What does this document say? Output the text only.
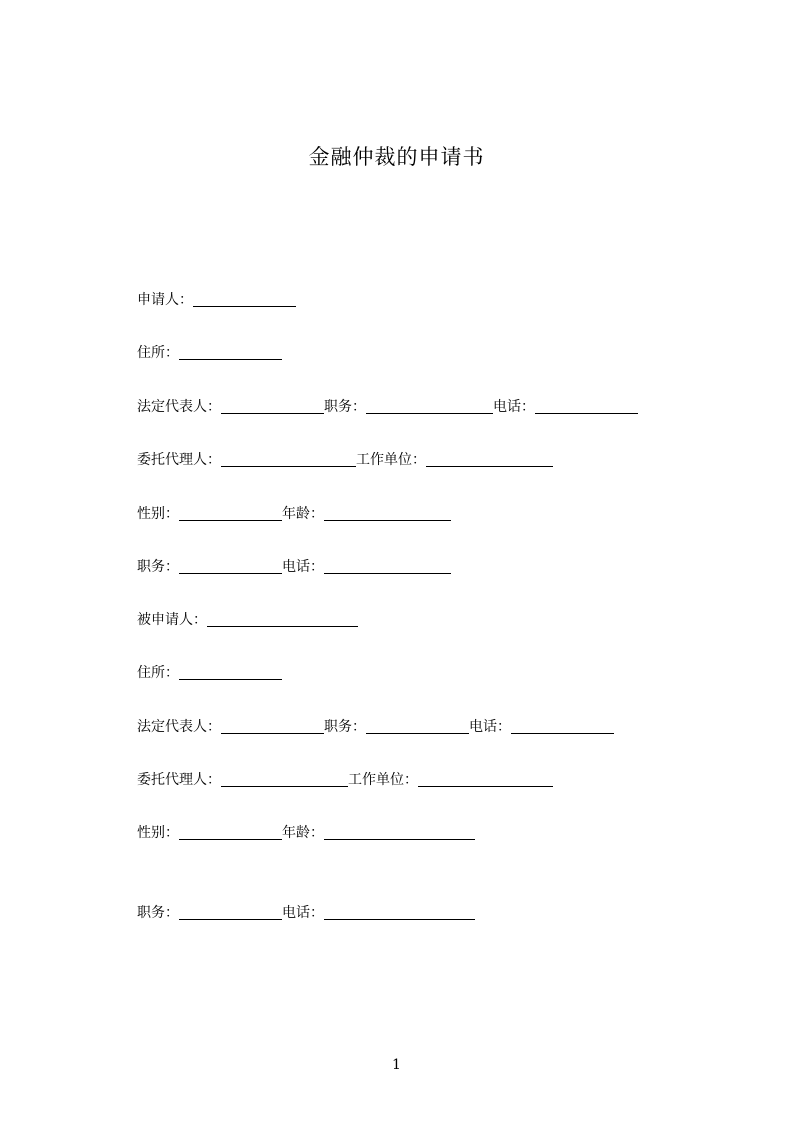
金融仲裁的申请书
申请人：
住所：
法定代表人：	职务：	电话：
委托代理人：	工作单位：
性别：	年龄：
职务：	电话：
被申请人：
住所：
法定代表人：	职务：	电话：
委托代理人：	工作单位：
性别：	年龄：
职务：	电话：
1
